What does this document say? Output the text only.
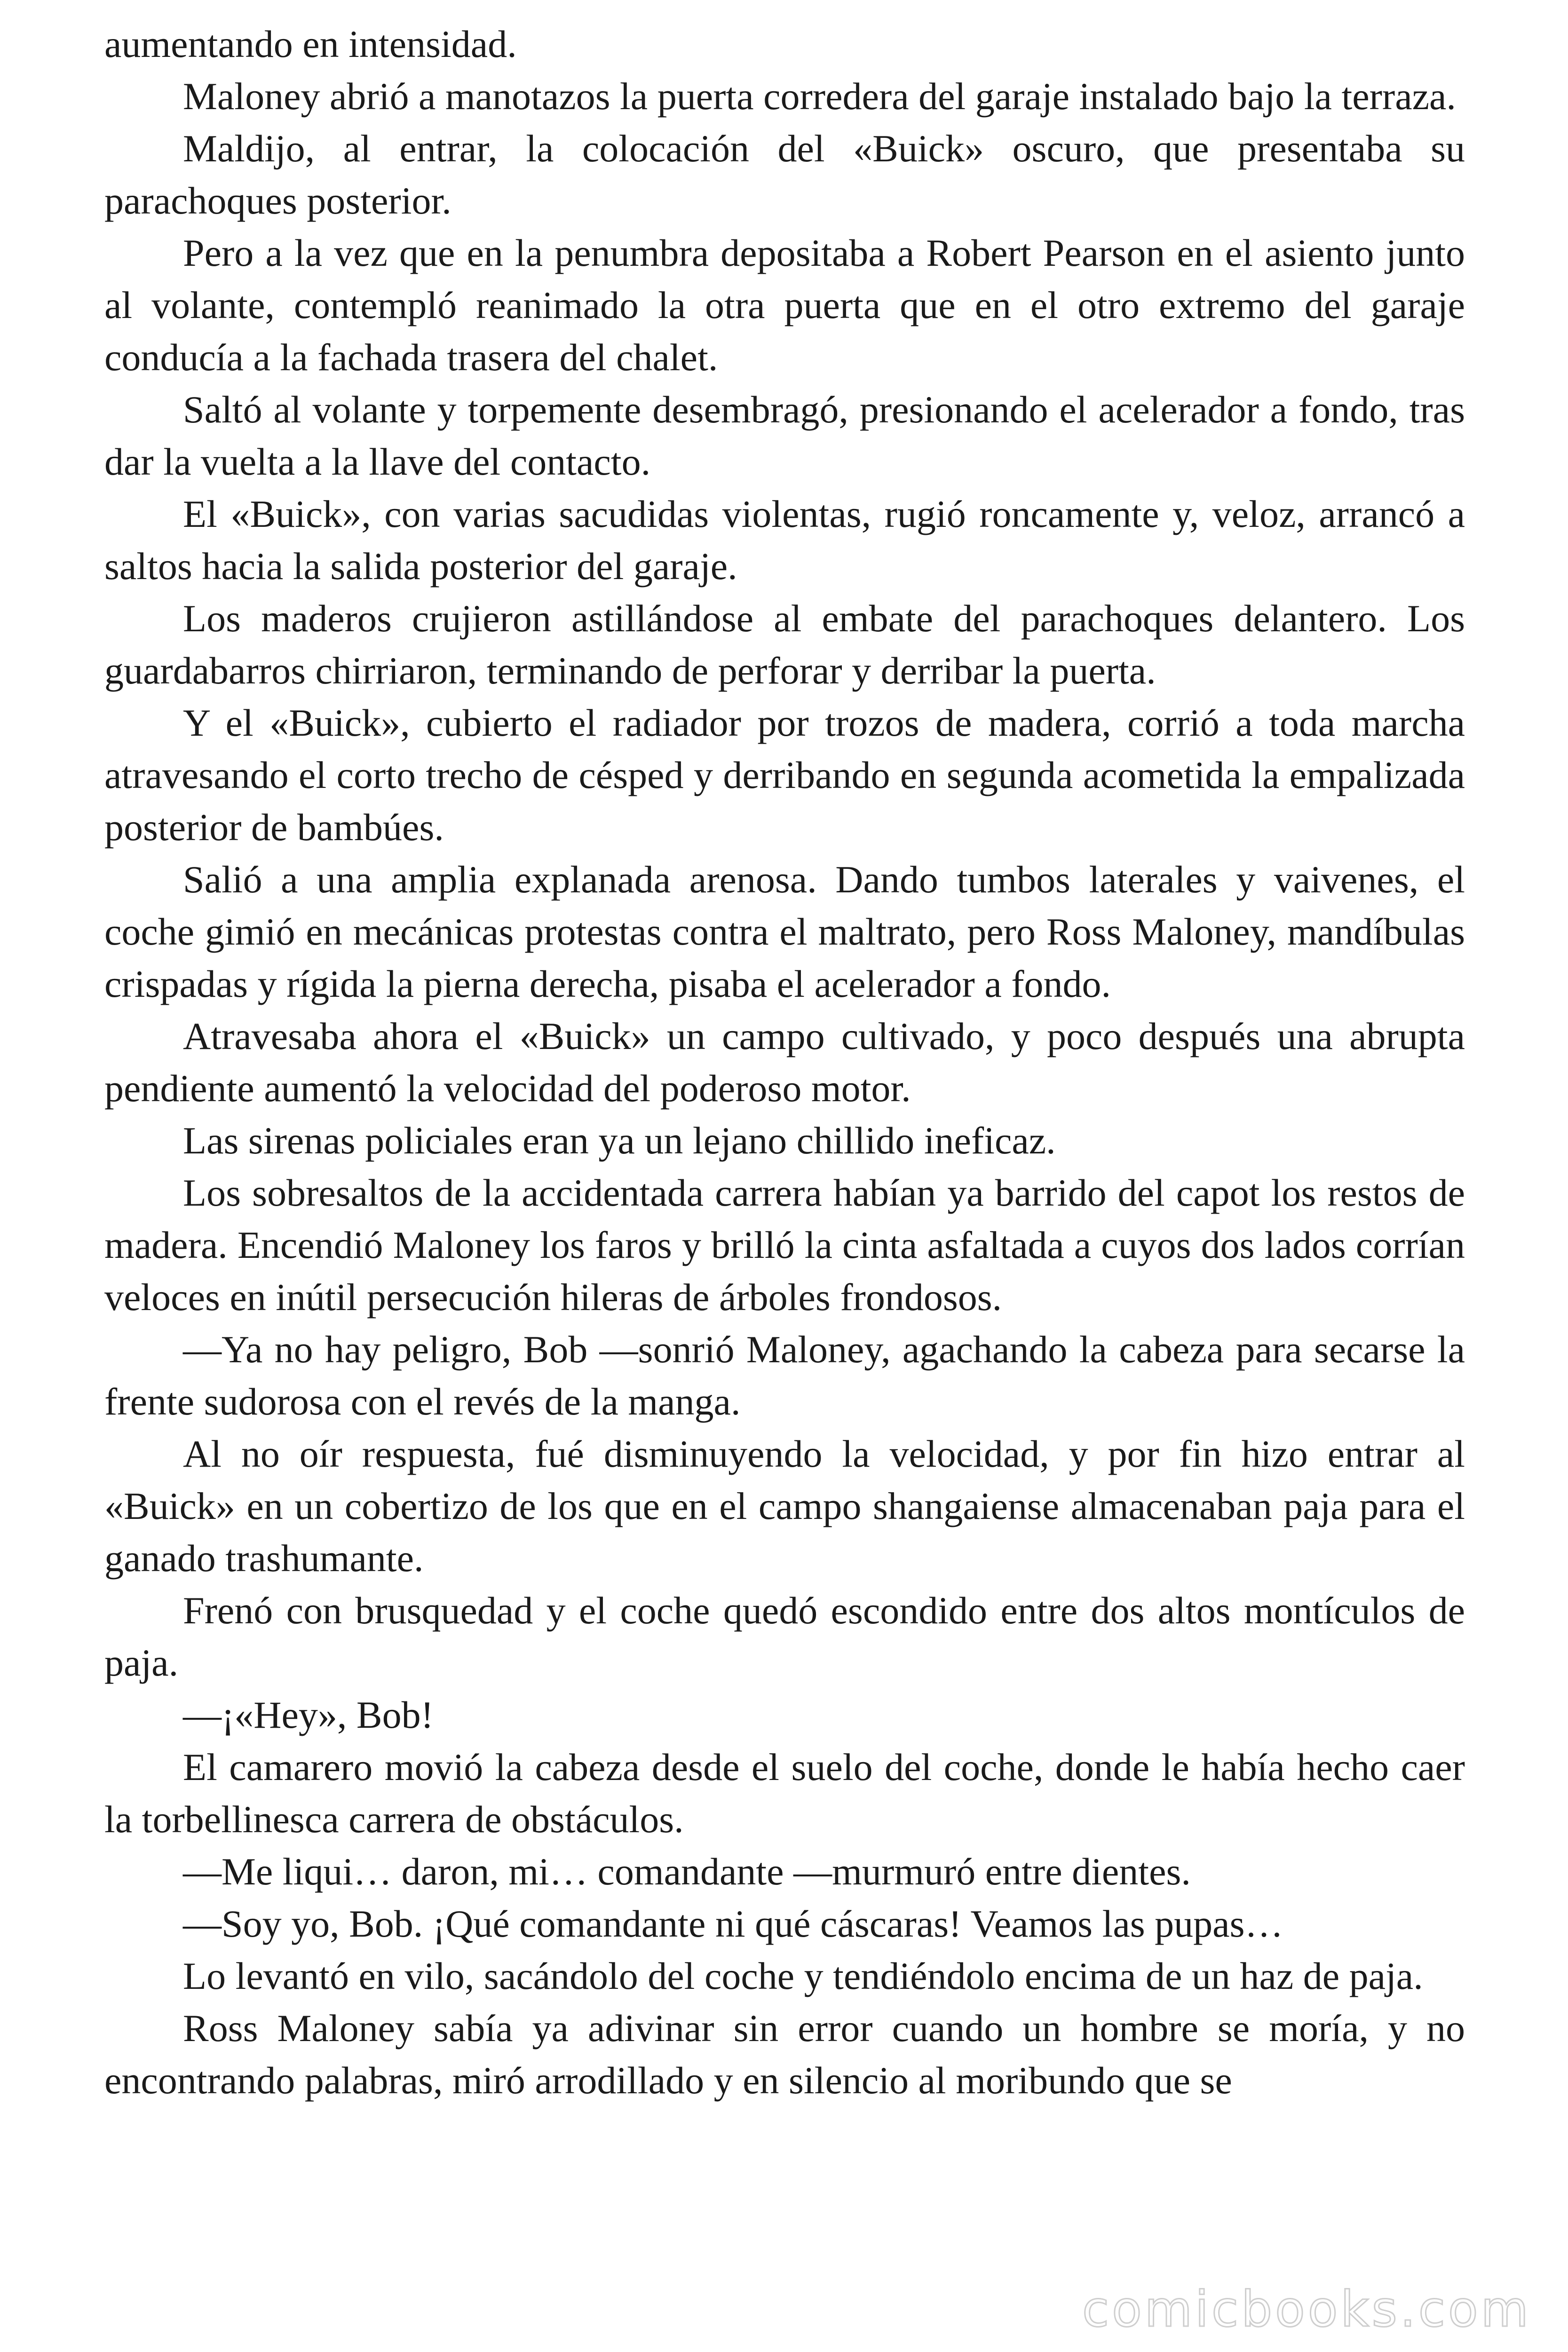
aumentando en intensidad.

Maloney abrió a manotazos la puerta corredera del garaje instalado bajo la terraza.

Maldijo, al entrar, la colocación del «Buick» oscuro, que presentaba su parachoques posterior.

Pero a la vez que en la penumbra depositaba a Robert Pearson en el asiento junto al volante, contempló reanimado la otra puerta que en el otro extremo del garaje conducía a la fachada trasera del chalet.

Saltó al volante y torpemente desembragó, presionando el acelerador a fondo, tras dar la vuelta a la llave del contacto.

El «Buick», con varias sacudidas violentas, rugió roncamente y, veloz, arrancó a saltos hacia la salida posterior del garaje.

Los maderos crujieron astillándose al embate del parachoques delantero. Los guardabarros chirriaron, terminando de perforar y derribar la puerta.

Y el «Buick», cubierto el radiador por trozos de madera, corrió a toda marcha atravesando el corto trecho de césped y derribando en segunda acometida la empalizada posterior de bambúes.

Salió a una amplia explanada arenosa. Dando tumbos laterales y vaivenes, el coche gimió en mecánicas protestas contra el maltrato, pero Ross Maloney, mandíbulas crispadas y rígida la pierna derecha, pisaba el acelerador a fondo.

Atravesaba ahora el «Buick» un campo cultivado, y poco después una abrupta pendiente aumentó la velocidad del poderoso motor.

Las sirenas policiales eran ya un lejano chillido ineficaz.

Los sobresaltos de la accidentada carrera habían ya barrido del capot los restos de madera. Encendió Maloney los faros y brilló la cinta asfaltada a cuyos dos lados corrían veloces en inútil persecución hileras de árboles frondosos.

—Ya no hay peligro, Bob —sonrió Maloney, agachando la cabeza para secarse la frente sudorosa con el revés de la manga.

Al no oír respuesta, fué disminuyendo la velocidad, y por fin hizo entrar al «Buick» en un cobertizo de los que en el campo shangaiense almacenaban paja para el ganado trashumante.

Frenó con brusquedad y el coche quedó escondido entre dos altos montículos de paja.

—¡«Hey», Bob!

El camarero movió la cabeza desde el suelo del coche, donde le había hecho caer la torbellinesca carrera de obstáculos.

—Me liqui… daron, mi… comandante —murmuró entre dientes.

—Soy yo, Bob. ¡Qué comandante ni qué cáscaras! Veamos las pupas…

Lo levantó en vilo, sacándolo del coche y tendiéndolo encima de un haz de paja.

Ross Maloney sabía ya adivinar sin error cuando un hombre se moría, y no encontrando palabras, miró arrodillado y en silencio al moribundo que se

comicbooks.com
